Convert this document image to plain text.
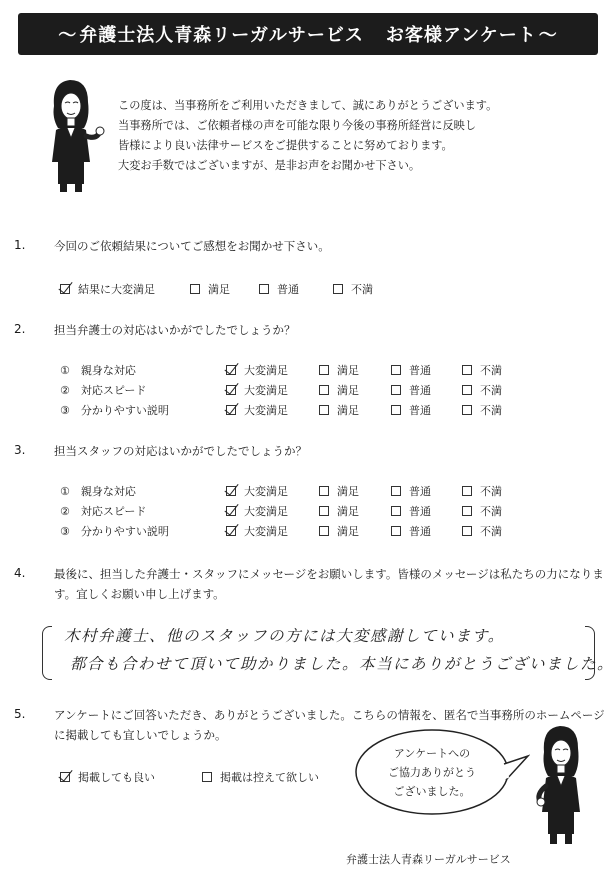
～ 弁護士法人青森リーガルサービス お客様アンケート ～
この度は、当事務所をご利用いただきまして、誠にありがとうございます。
当事務所では、ご依頼者様の声を可能な限り今後の事務所経営に反映し
皆様により良い法律サービスをご提供することに努めております。
大変お手数ではございますが、是非お声をお聞かせ下さい。
1. 今回のご依頼結果についてご感想をお聞かせ下さい。
結果に大変満足	満足	普通	不満
2. 担当弁護士の対応はいかがでしたでしょうか？
①　親身な対応	大変満足	満足	普通	不満
②　対応スピード	大変満足	満足	普通	不満
③　分かりやすい説明	大変満足	満足	普通	不満
3. 担当スタッフの対応はいかがでしたでしょうか？
①　親身な対応	大変満足	満足	普通	不満
②　対応スピード	大変満足	満足	普通	不満
③　分かりやすい説明	大変満足	満足	普通	不満
4. 最後に、担当した弁護士・スタッフにメッセージをお願いします。皆様のメッセージは私たちの力になります。宜しくお願い申し上げます。
木村弁護士、他のスタッフの方には大変感謝しています。
都合も合わせて頂いて助かりました。本当にありがとうございました。
5. アンケートにご回答いただき、ありがとうございました。こちらの情報を、匿名で当事務所のホームページに掲載しても宜しいでしょうか。
掲載しても良い	掲載は控えて欲しい
アンケートへの
ご協力ありがとう
ございました。
弁護士法人青森リーガルサービス
